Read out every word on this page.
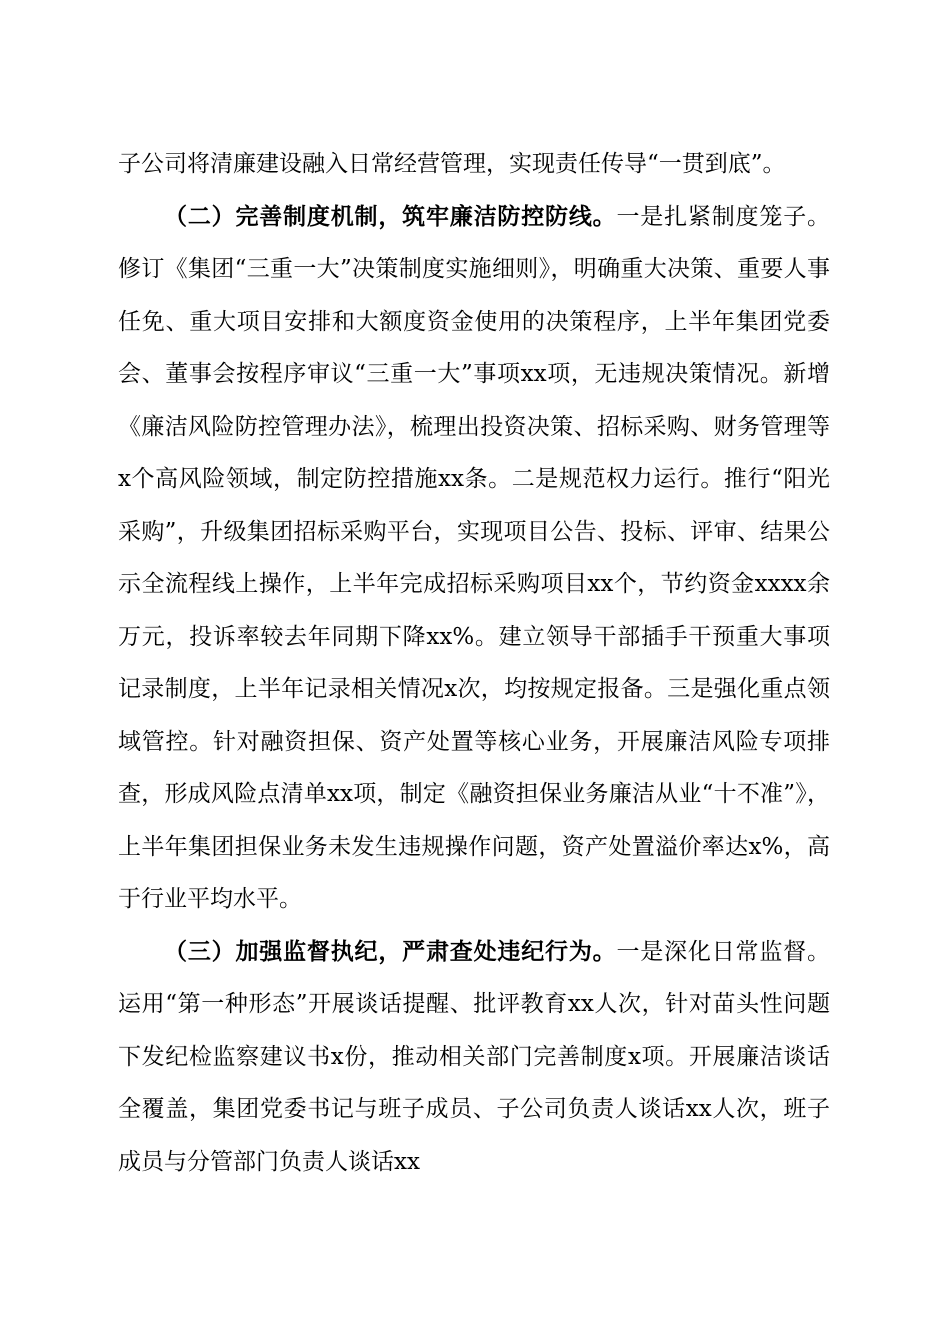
子公司将清廉建设融入日常经营管理，实现责任传导“一贯到底”。

（二）完善制度机制，筑牢廉洁防控防线。一是扎紧制度笼子。修订《集团“三重一大”决策制度实施细则》，明确重大决策、重要人事任免、重大项目安排和大额度资金使用的决策程序，上半年集团党委会、董事会按程序审议“三重一大”事项xx项，无违规决策情况。新增《廉洁风险防控管理办法》，梳理出投资决策、招标采购、财务管理等x个高风险领域，制定防控措施xx条。二是规范权力运行。推行“阳光采购”，升级集团招标采购平台，实现项目公告、投标、评审、结果公示全流程线上操作，上半年完成招标采购项目xx个，节约资金xxxx余万元，投诉率较去年同期下降xx%。建立领导干部插手干预重大事项记录制度，上半年记录相关情况x次，均按规定报备。三是强化重点领域管控。针对融资担保、资产处置等核心业务，开展廉洁风险专项排查，形成风险点清单xx项，制定《融资担保业务廉洁从业“十不准”》，上半年集团担保业务未发生违规操作问题，资产处置溢价率达x%，高于行业平均水平。

（三）加强监督执纪，严肃查处违纪行为。一是深化日常监督。运用“第一种形态”开展谈话提醒、批评教育xx人次，针对苗头性问题下发纪检监察建议书x份，推动相关部门完善制度x项。开展廉洁谈话全覆盖，集团党委书记与班子成员、子公司负责人谈话xx人次，班子成员与分管部门负责人谈话xx
